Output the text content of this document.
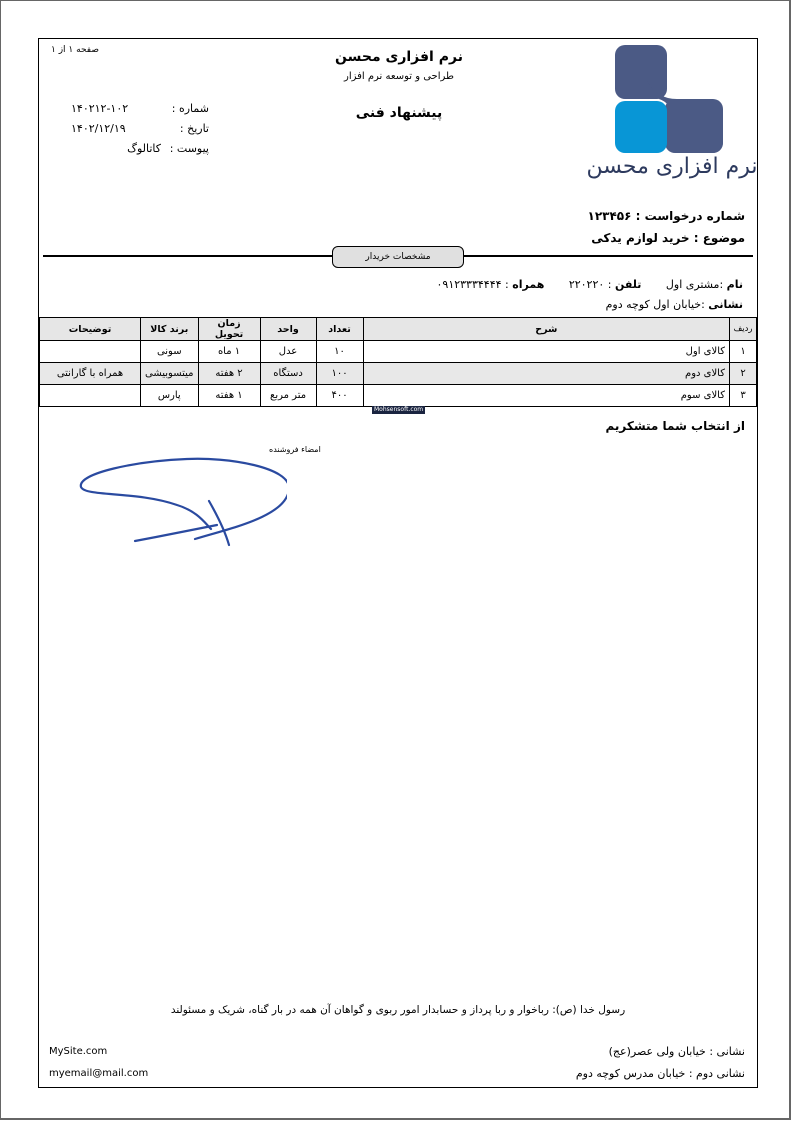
صفحه ۱ از ۱
شماره :
۱۴۰۲۱۲-۱۰۲
تاریخ :
۱۴۰۲/۱۲/۱۹
پیوست :
کاتالوگ
نرم افزاری محسن
طراحی و توسعه نرم افزار
پیشنهاد فنی
نرم افزاری محسن
شماره درخواست : ۱۲۳۴۵۶
موضوع : خرید لوازم یدکی
مشخصات خریدار
نام :مشتری اول       تلفن : ۲۲۰۲۲۰       همراه : ۰۹۱۲۳۳۳۴۴۴۴
نشانی :خیابان اول کوچه دوم
ردیف	شرح	تعداد	واحد	زمان تحویل	برند کالا	توضیحات
۱	کالای اول	۱۰	عدل	۱ ماه	سونی	
۲	کالای دوم	۱۰۰	دستگاه	۲ هفته	میتسوبیشی	همراه با گارانتی
۳	کالای سوم	۴۰۰	متر مربع	۱ هفته	پارس	
Mohsensoft.com
از انتخاب شما متشکریم
امضاء فروشنده
رسول خدا (ص): رباخوار و ربا پرداز و حسابدار امور ربوی و گواهان آن همه در بار گناه، شریک و مسئولند
MySite.com
myemail@mail.com
نشانی : خیابان ولی عصر(عج)
نشانی دوم : خیابان مدرس کوچه دوم
